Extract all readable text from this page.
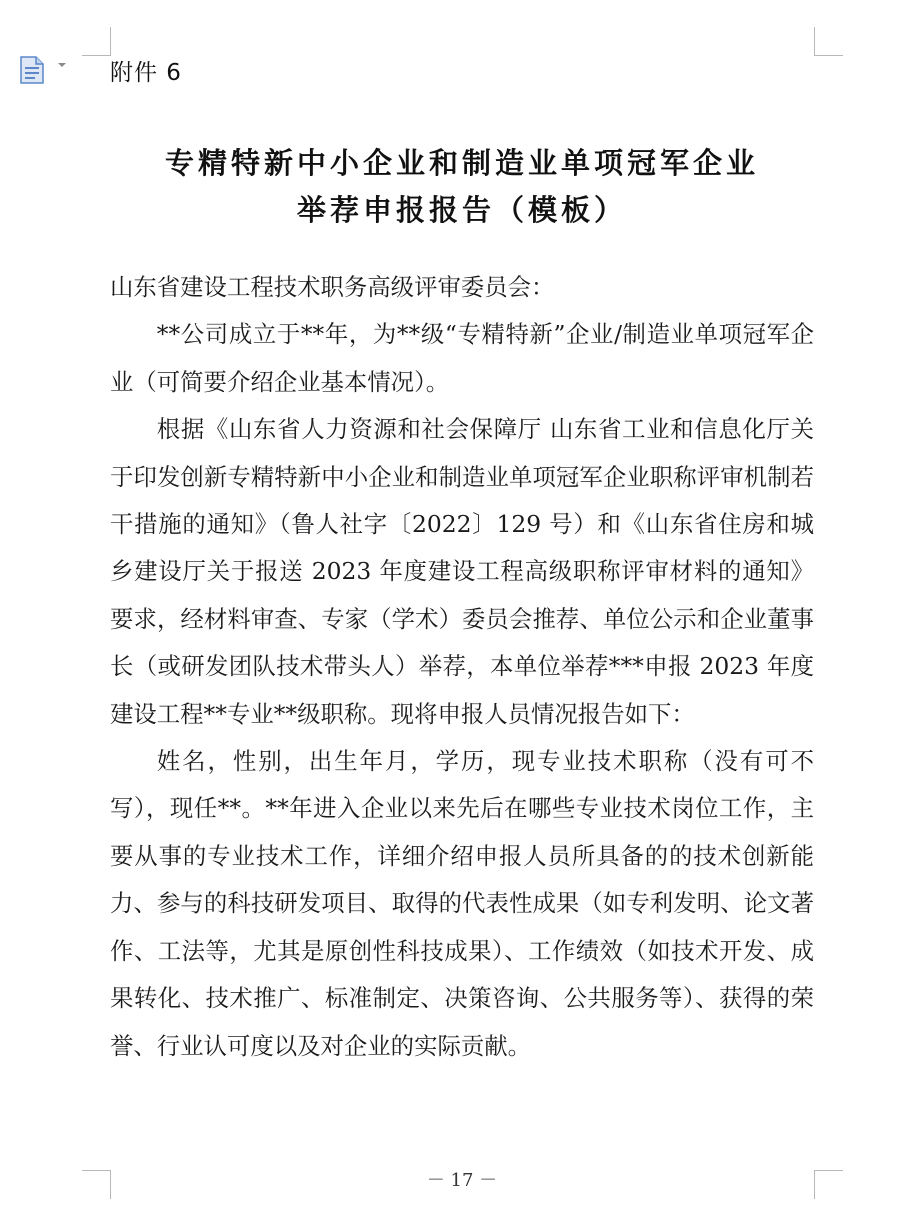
附件 6
专精特新中小企业和制造业单项冠军企业
举荐申报报告（模板）

山东省建设工程技术职务高级评审委员会：

**公司成立于**年，为**级“专精特新”企业/制造业单项冠军企业（可简要介绍企业基本情况）。

根据《山东省人力资源和社会保障厅 山东省工业和信息化厅关于印发创新专精特新中小企业和制造业单项冠军企业职称评审机制若干措施的通知》（鲁人社字〔2022〕129 号）和《山东省住房和城乡建设厅关于报送 2023 年度建设工程高级职称评审材料的通知》要求，经材料审查、专家（学术）委员会推荐、单位公示和企业董事长（或研发团队技术带头人）举荐，本单位举荐***申报 2023 年度建设工程**专业**级职称。现将申报人员情况报告如下：

姓名，性别，出生年月，学历，现专业技术职称（没有可不写），现任**。**年进入企业以来先后在哪些专业技术岗位工作，主要从事的专业技术工作，详细介绍申报人员所具备的的技术创新能力、参与的科技研发项目、取得的代表性成果（如专利发明、论文著作、工法等，尤其是原创性科技成果）、工作绩效（如技术开发、成果转化、技术推广、标准制定、决策咨询、公共服务等）、获得的荣誉、行业认可度以及对企业的实际贡献。

－ 17 －
